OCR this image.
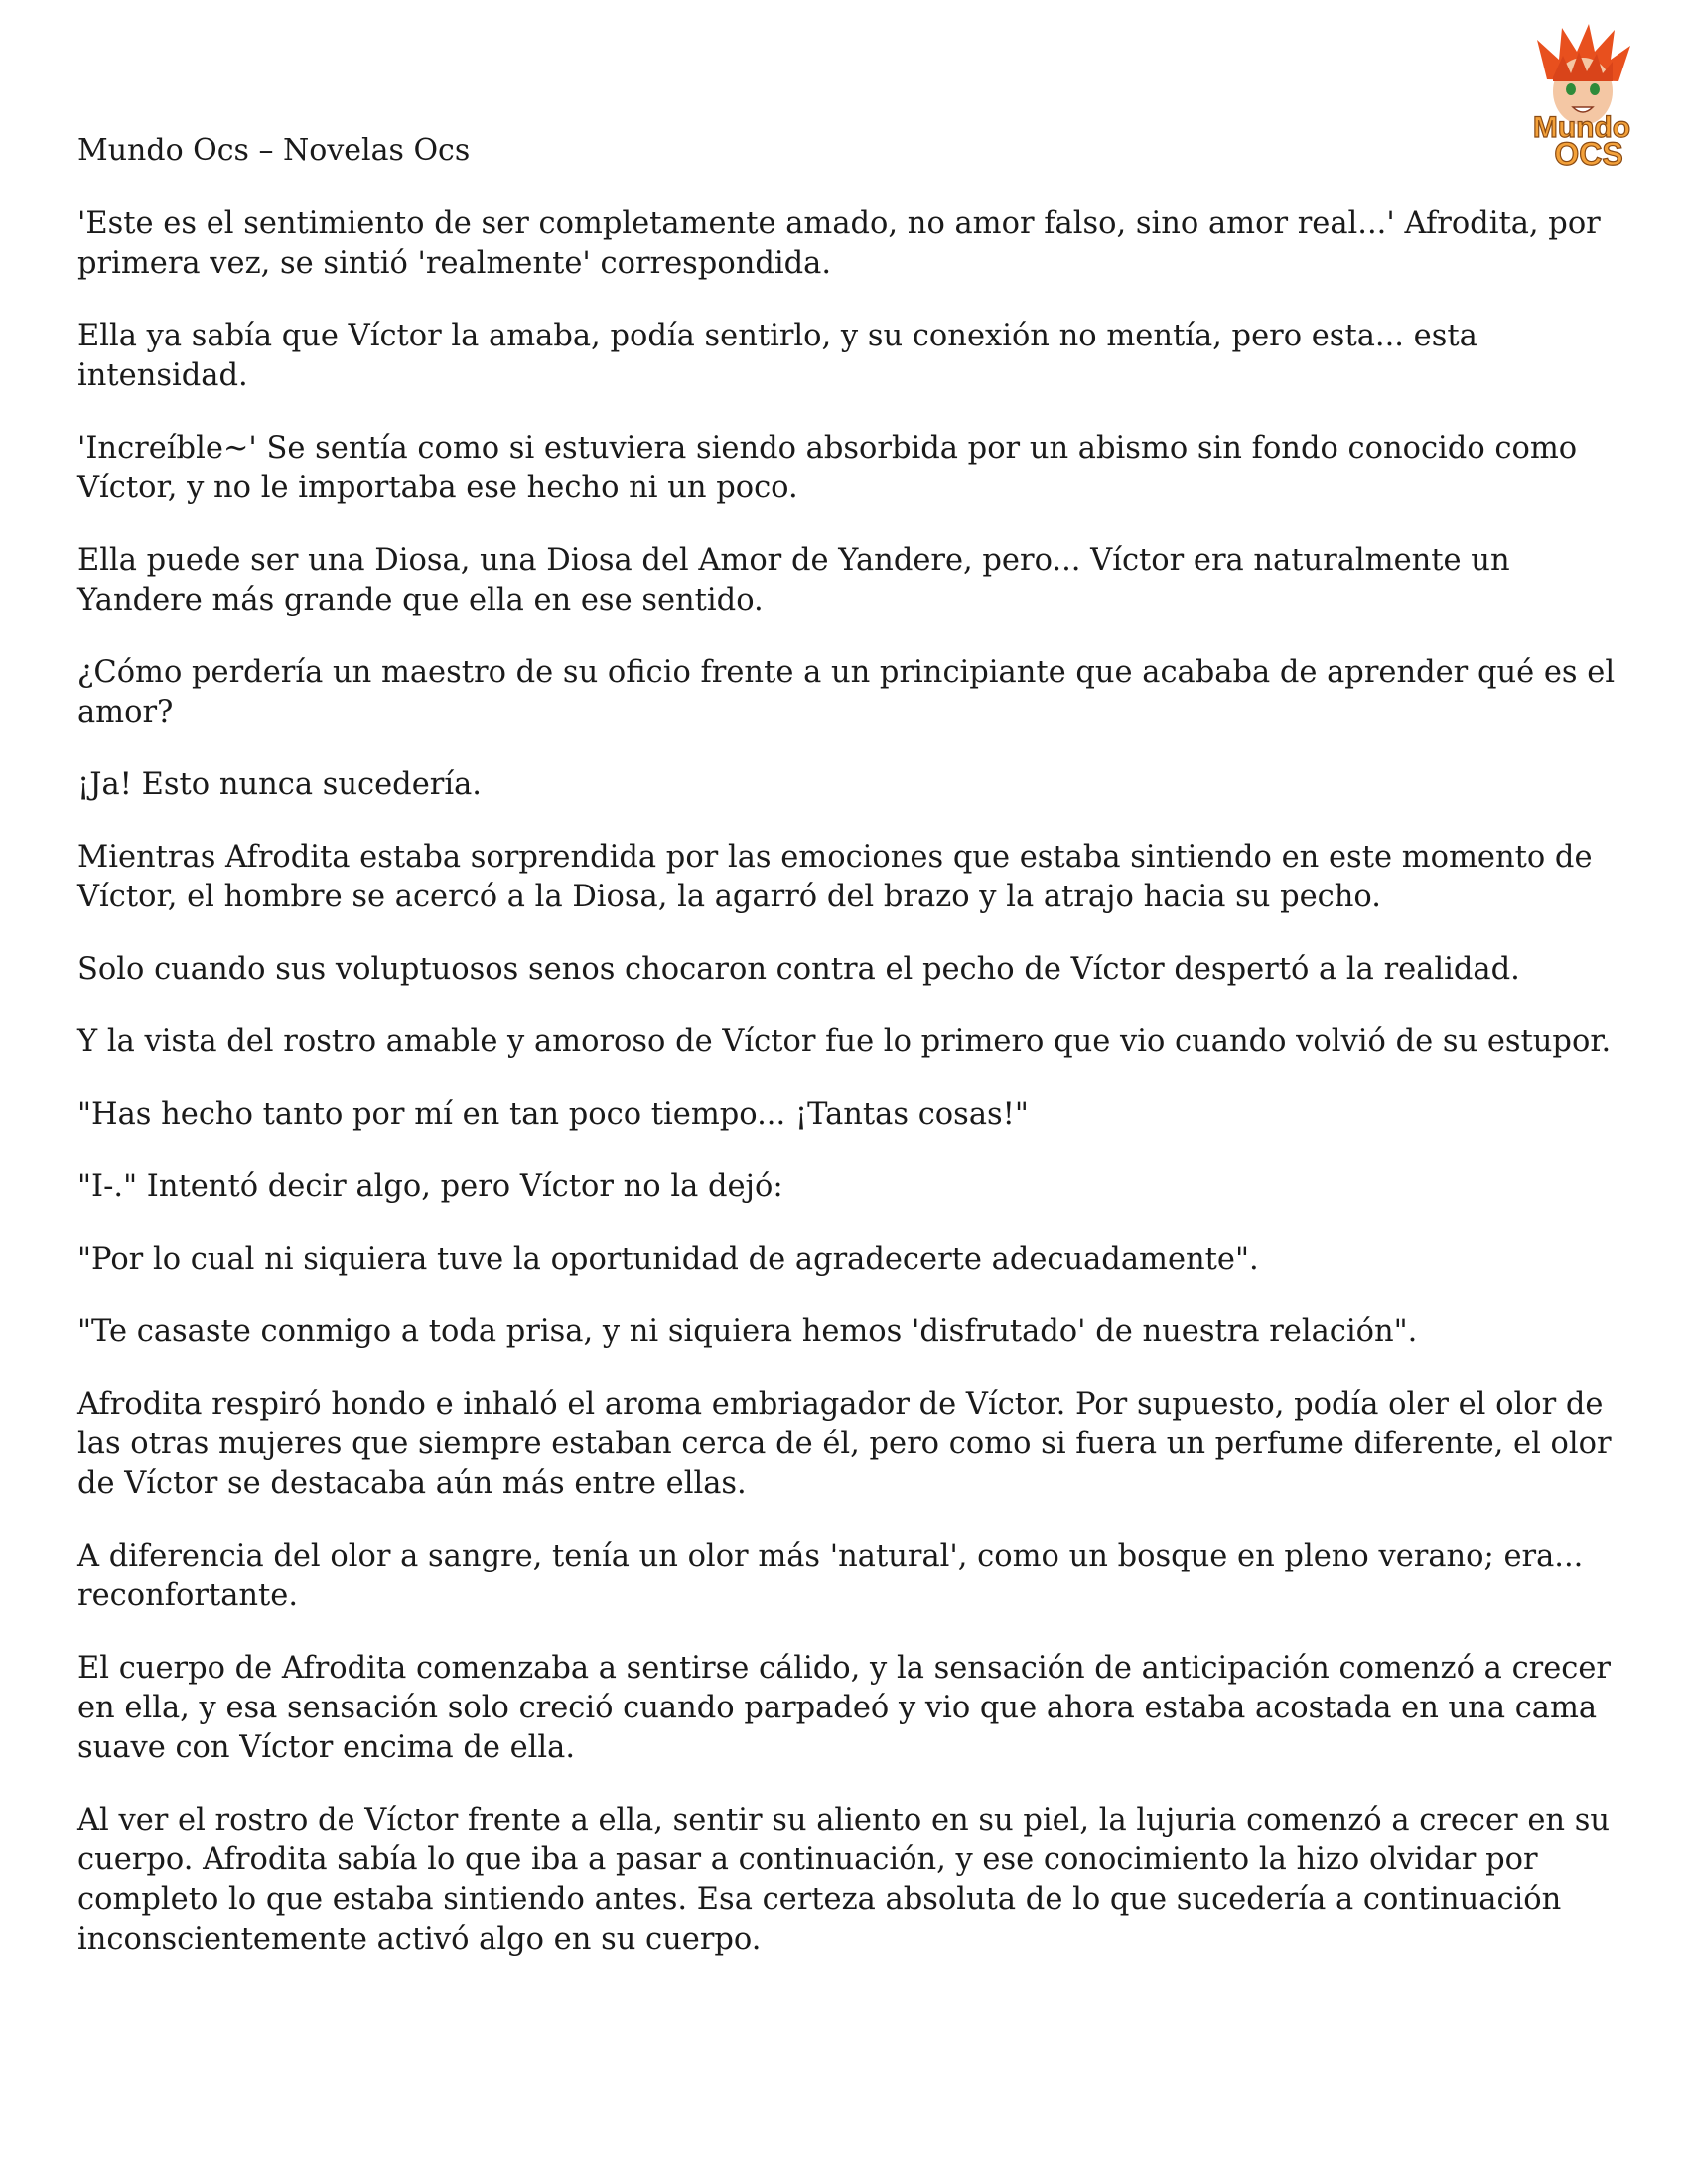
Mundo Ocs – Novelas Ocs
Mundo
OCS

'Este es el sentimiento de ser completamente amado, no amor falso, sino amor real...' Afrodita, por primera vez, se sintió 'realmente' correspondida.

Ella ya sabía que Víctor la amaba, podía sentirlo, y su conexión no mentía, pero esta... esta intensidad.

'Increíble~' Se sentía como si estuviera siendo absorbida por un abismo sin fondo conocido como Víctor, y no le importaba ese hecho ni un poco.

Ella puede ser una Diosa, una Diosa del Amor de Yandere, pero... Víctor era naturalmente un Yandere más grande que ella en ese sentido.

¿Cómo perdería un maestro de su oficio frente a un principiante que acababa de aprender qué es el amor?

¡Ja! Esto nunca sucedería.

Mientras Afrodita estaba sorprendida por las emociones que estaba sintiendo en este momento de Víctor, el hombre se acercó a la Diosa, la agarró del brazo y la atrajo hacia su pecho.

Solo cuando sus voluptuosos senos chocaron contra el pecho de Víctor despertó a la realidad.

Y la vista del rostro amable y amoroso de Víctor fue lo primero que vio cuando volvió de su estupor.

"Has hecho tanto por mí en tan poco tiempo... ¡Tantas cosas!"

"I-." Intentó decir algo, pero Víctor no la dejó:

"Por lo cual ni siquiera tuve la oportunidad de agradecerte adecuadamente".

"Te casaste conmigo a toda prisa, y ni siquiera hemos 'disfrutado' de nuestra relación".

Afrodita respiró hondo e inhaló el aroma embriagador de Víctor. Por supuesto, podía oler el olor de las otras mujeres que siempre estaban cerca de él, pero como si fuera un perfume diferente, el olor de Víctor se destacaba aún más entre ellas.

A diferencia del olor a sangre, tenía un olor más 'natural', como un bosque en pleno verano; era... reconfortante.

El cuerpo de Afrodita comenzaba a sentirse cálido, y la sensación de anticipación comenzó a crecer en ella, y esa sensación solo creció cuando parpadeó y vio que ahora estaba acostada en una cama suave con Víctor encima de ella.

Al ver el rostro de Víctor frente a ella, sentir su aliento en su piel, la lujuria comenzó a crecer en su cuerpo. Afrodita sabía lo que iba a pasar a continuación, y ese conocimiento la hizo olvidar por completo lo que estaba sintiendo antes. Esa certeza absoluta de lo que sucedería a continuación inconscientemente activó algo en su cuerpo.
